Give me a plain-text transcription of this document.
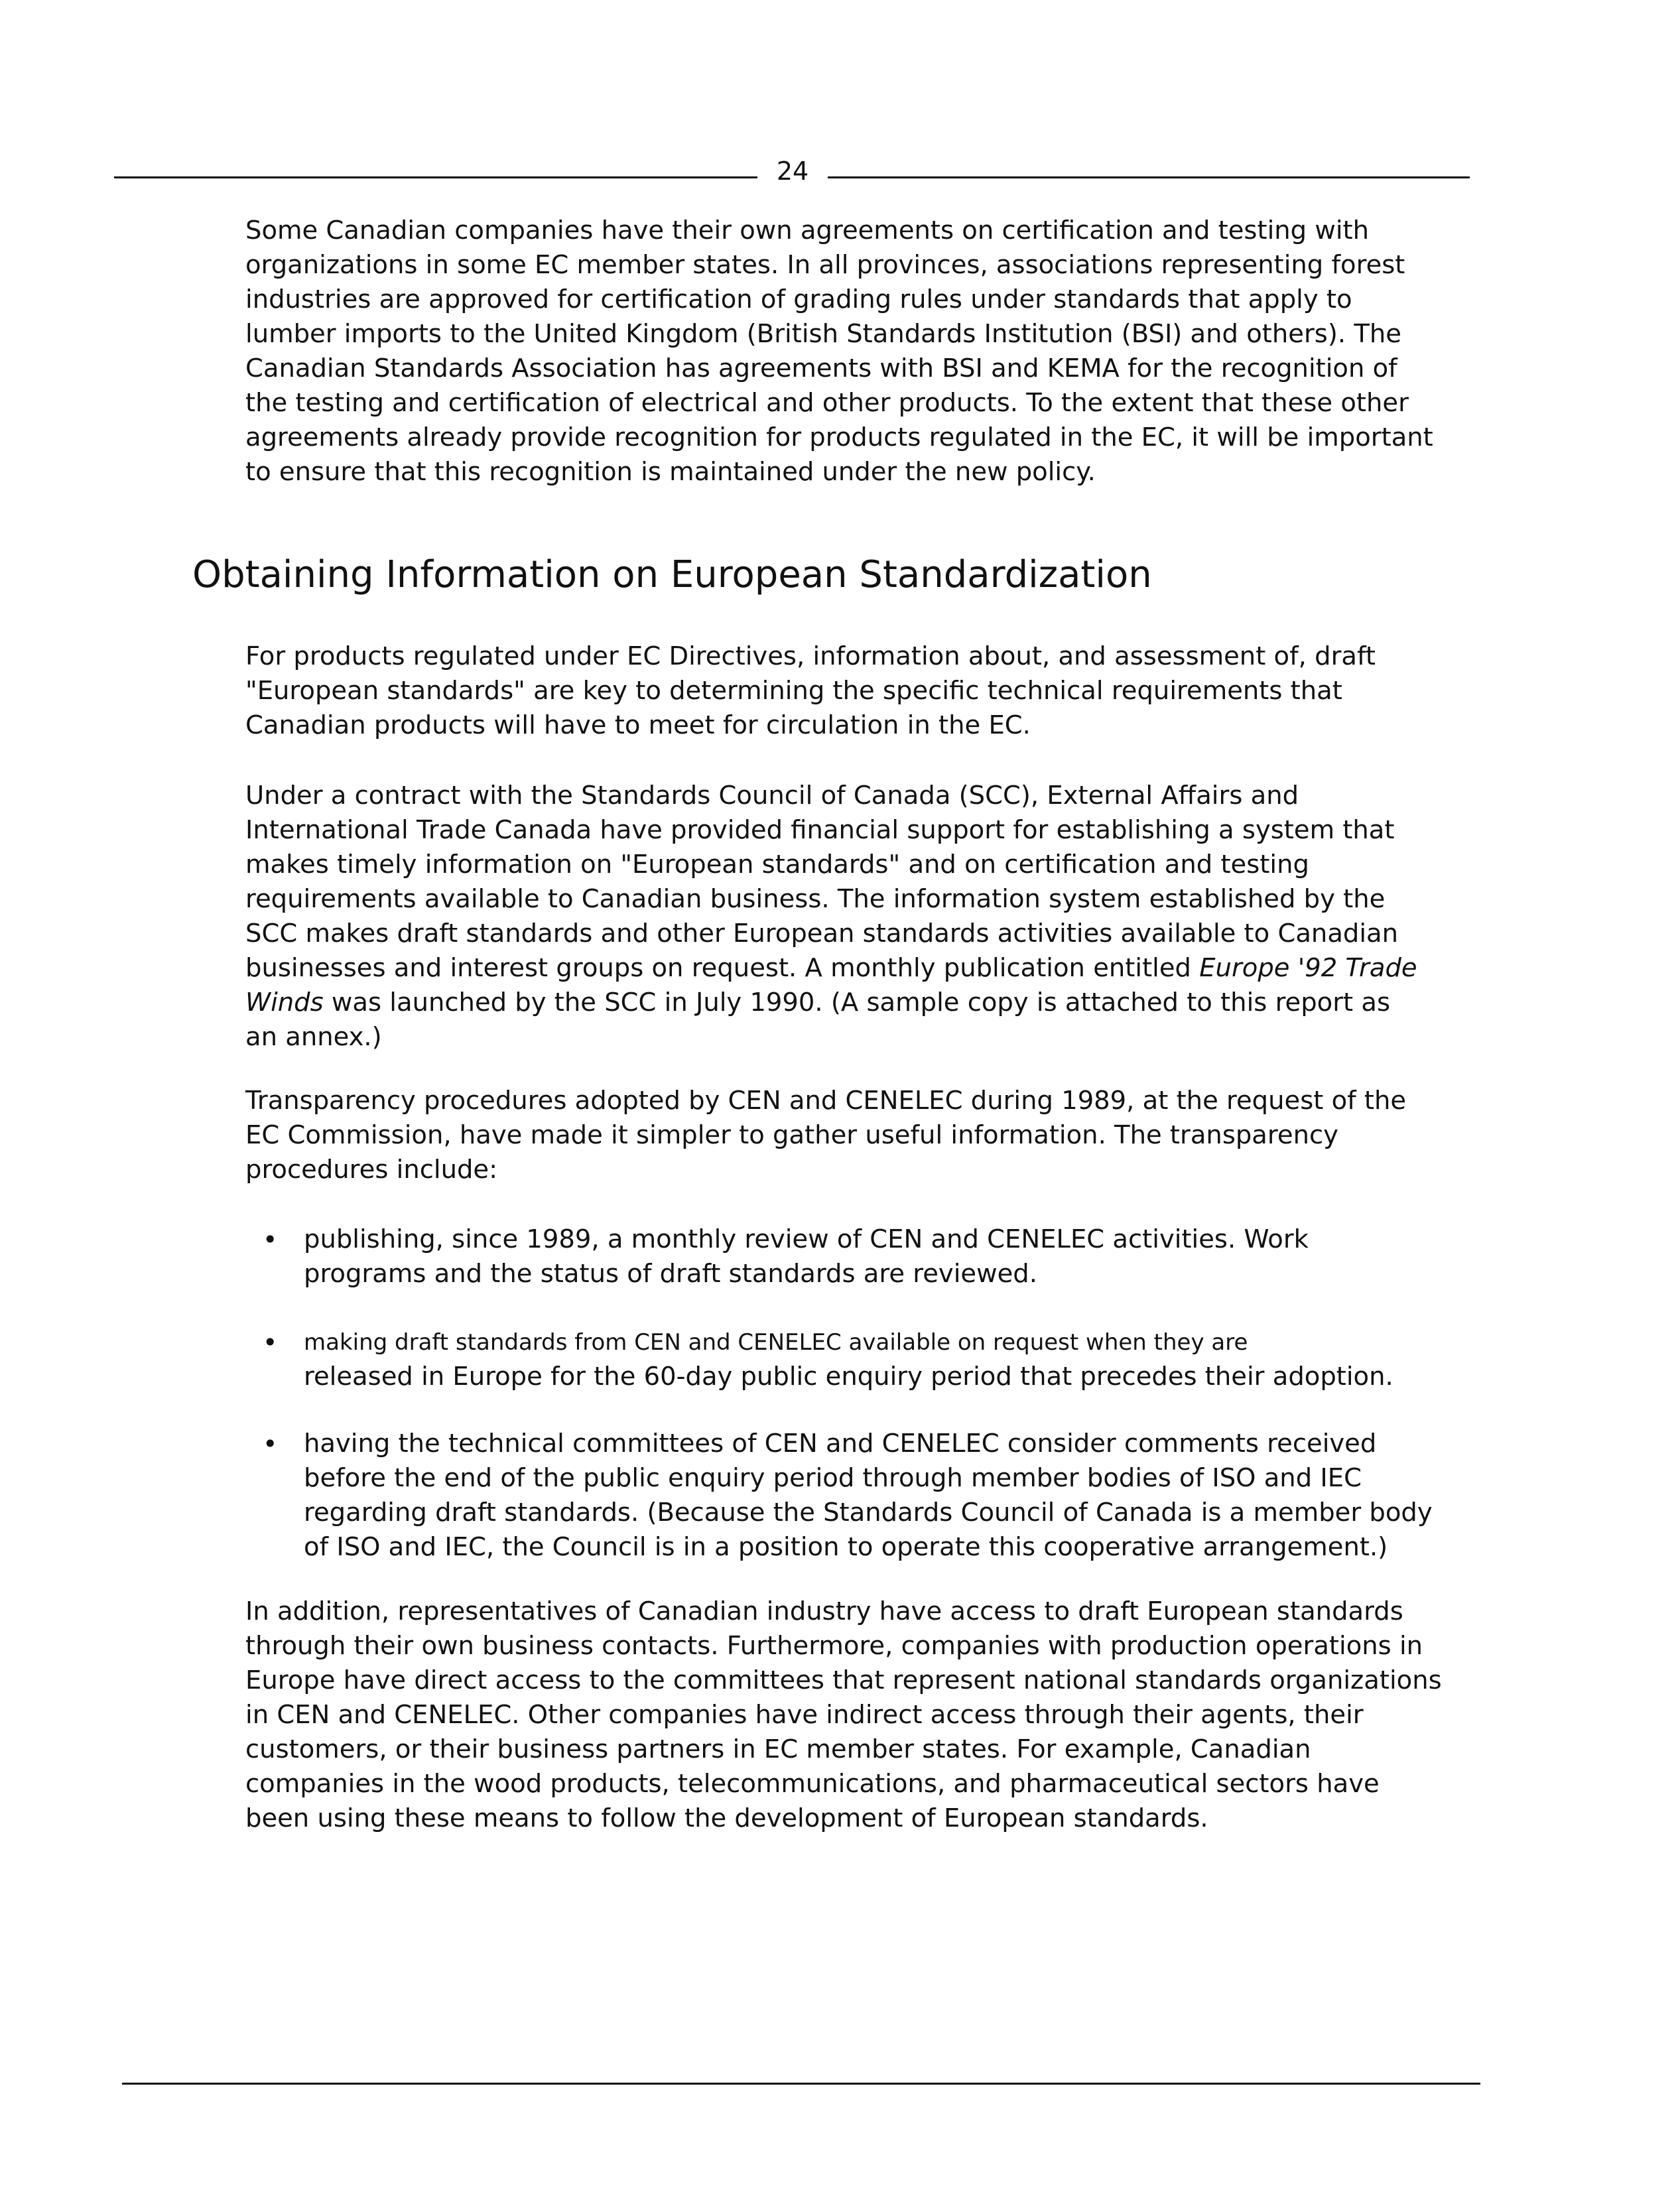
24

Some Canadian companies have their own agreements on certification and testing with
organizations in some EC member states. In all provinces, associations representing forest
industries are approved for certification of grading rules under standards that apply to
lumber imports to the United Kingdom (British Standards Institution (BSI) and others). The
Canadian Standards Association has agreements with BSI and KEMA for the recognition of
the testing and certification of electrical and other products. To the extent that these other
agreements already provide recognition for products regulated in the EC, it will be important
to ensure that this recognition is maintained under the new policy.

Obtaining Information on European Standardization

For products regulated under EC Directives, information about, and assessment of, draft
"European standards" are key to determining the specific technical requirements that
Canadian products will have to meet for circulation in the EC.

Under a contract with the Standards Council of Canada (SCC), External Affairs and
International Trade Canada have provided financial support for establishing a system that
makes timely information on "European standards" and on certification and testing
requirements available to Canadian business. The information system established by the
SCC makes draft standards and other European standards activities available to Canadian
businesses and interest groups on request. A monthly publication entitled Europe '92 Trade
Winds was launched by the SCC in July 1990. (A sample copy is attached to this report as
an annex.)

Transparency procedures adopted by CEN and CENELEC during 1989, at the request of the
EC Commission, have made it simpler to gather useful information. The transparency
procedures include:

• publishing, since 1989, a monthly review of CEN and CENELEC activities. Work
programs and the status of draft standards are reviewed.

• making draft standards from CEN and CENELEC available on request when they are
released in Europe for the 60-day public enquiry period that precedes their adoption.

• having the technical committees of CEN and CENELEC consider comments received
before the end of the public enquiry period through member bodies of ISO and IEC
regarding draft standards. (Because the Standards Council of Canada is a member body
of ISO and IEC, the Council is in a position to operate this cooperative arrangement.)

In addition, representatives of Canadian industry have access to draft European standards
through their own business contacts. Furthermore, companies with production operations in
Europe have direct access to the committees that represent national standards organizations
in CEN and CENELEC. Other companies have indirect access through their agents, their
customers, or their business partners in EC member states. For example, Canadian
companies in the wood products, telecommunications, and pharmaceutical sectors have
been using these means to follow the development of European standards.
